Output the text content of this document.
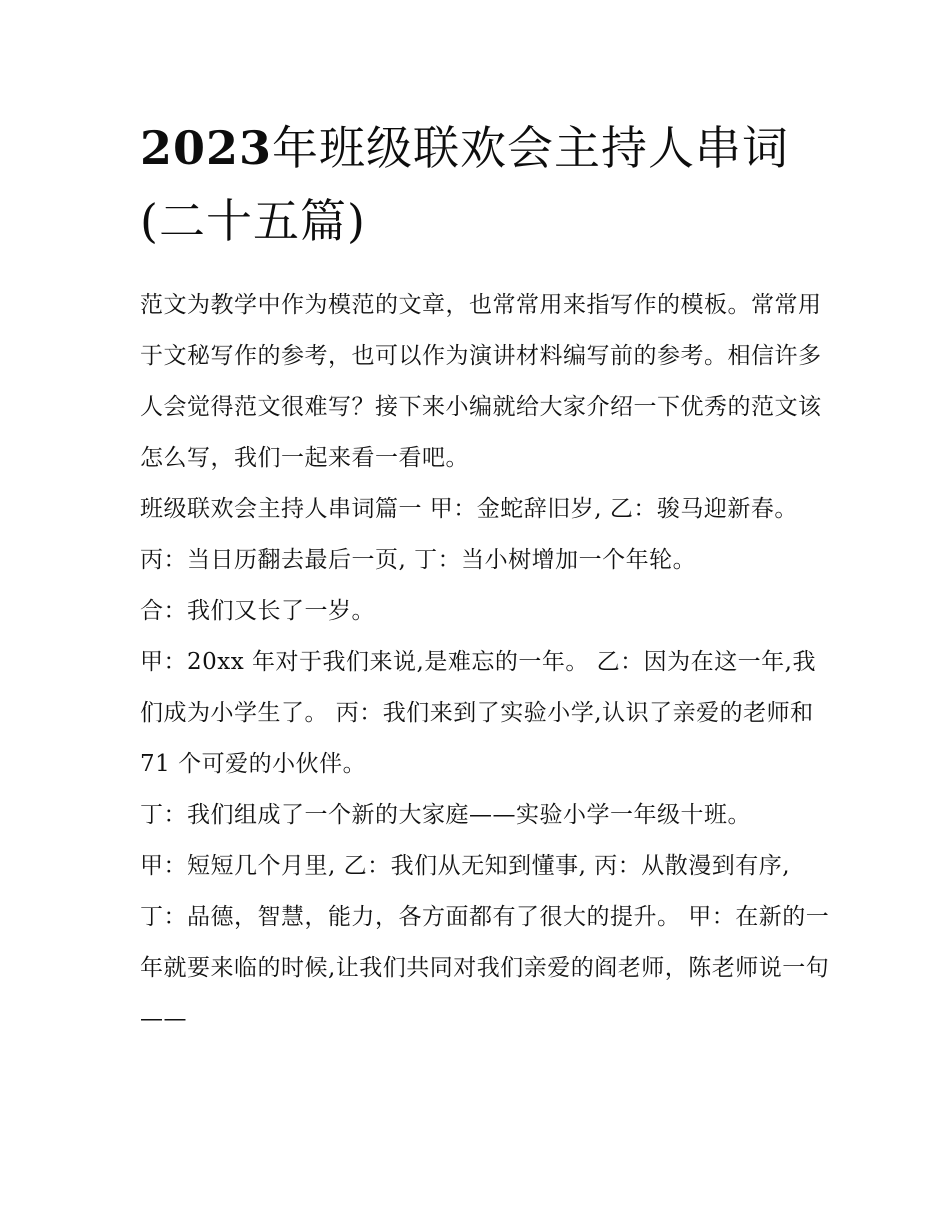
2023年班级联欢会主持人串词
(二十五篇)

范文为教学中作为模范的文章，也常常用来指写作的模板。常常用于文秘写作的参考，也可以作为演讲材料编写前的参考。相信许多人会觉得范文很难写？接下来小编就给大家介绍一下优秀的范文该怎么写，我们一起来看一看吧。

班级联欢会主持人串词篇一 甲：金蛇辞旧岁, 乙：骏马迎新春。 丙：当日历翻去最后一页, 丁：当小树增加一个年轮。

合：我们又长了一岁。

甲：20xx 年对于我们来说,是难忘的一年。 乙：因为在这一年,我们成为小学生了。 丙：我们来到了实验小学,认识了亲爱的老师和 71 个可爱的小伙伴。

丁：我们组成了一个新的大家庭——实验小学一年级十班。

甲：短短几个月里, 乙：我们从无知到懂事, 丙：从散漫到有序,

丁：品德，智慧，能力，各方面都有了很大的提升。 甲：在新的一年就要来临的时候,让我们共同对我们亲爱的阎老师，陈老师说一句——
